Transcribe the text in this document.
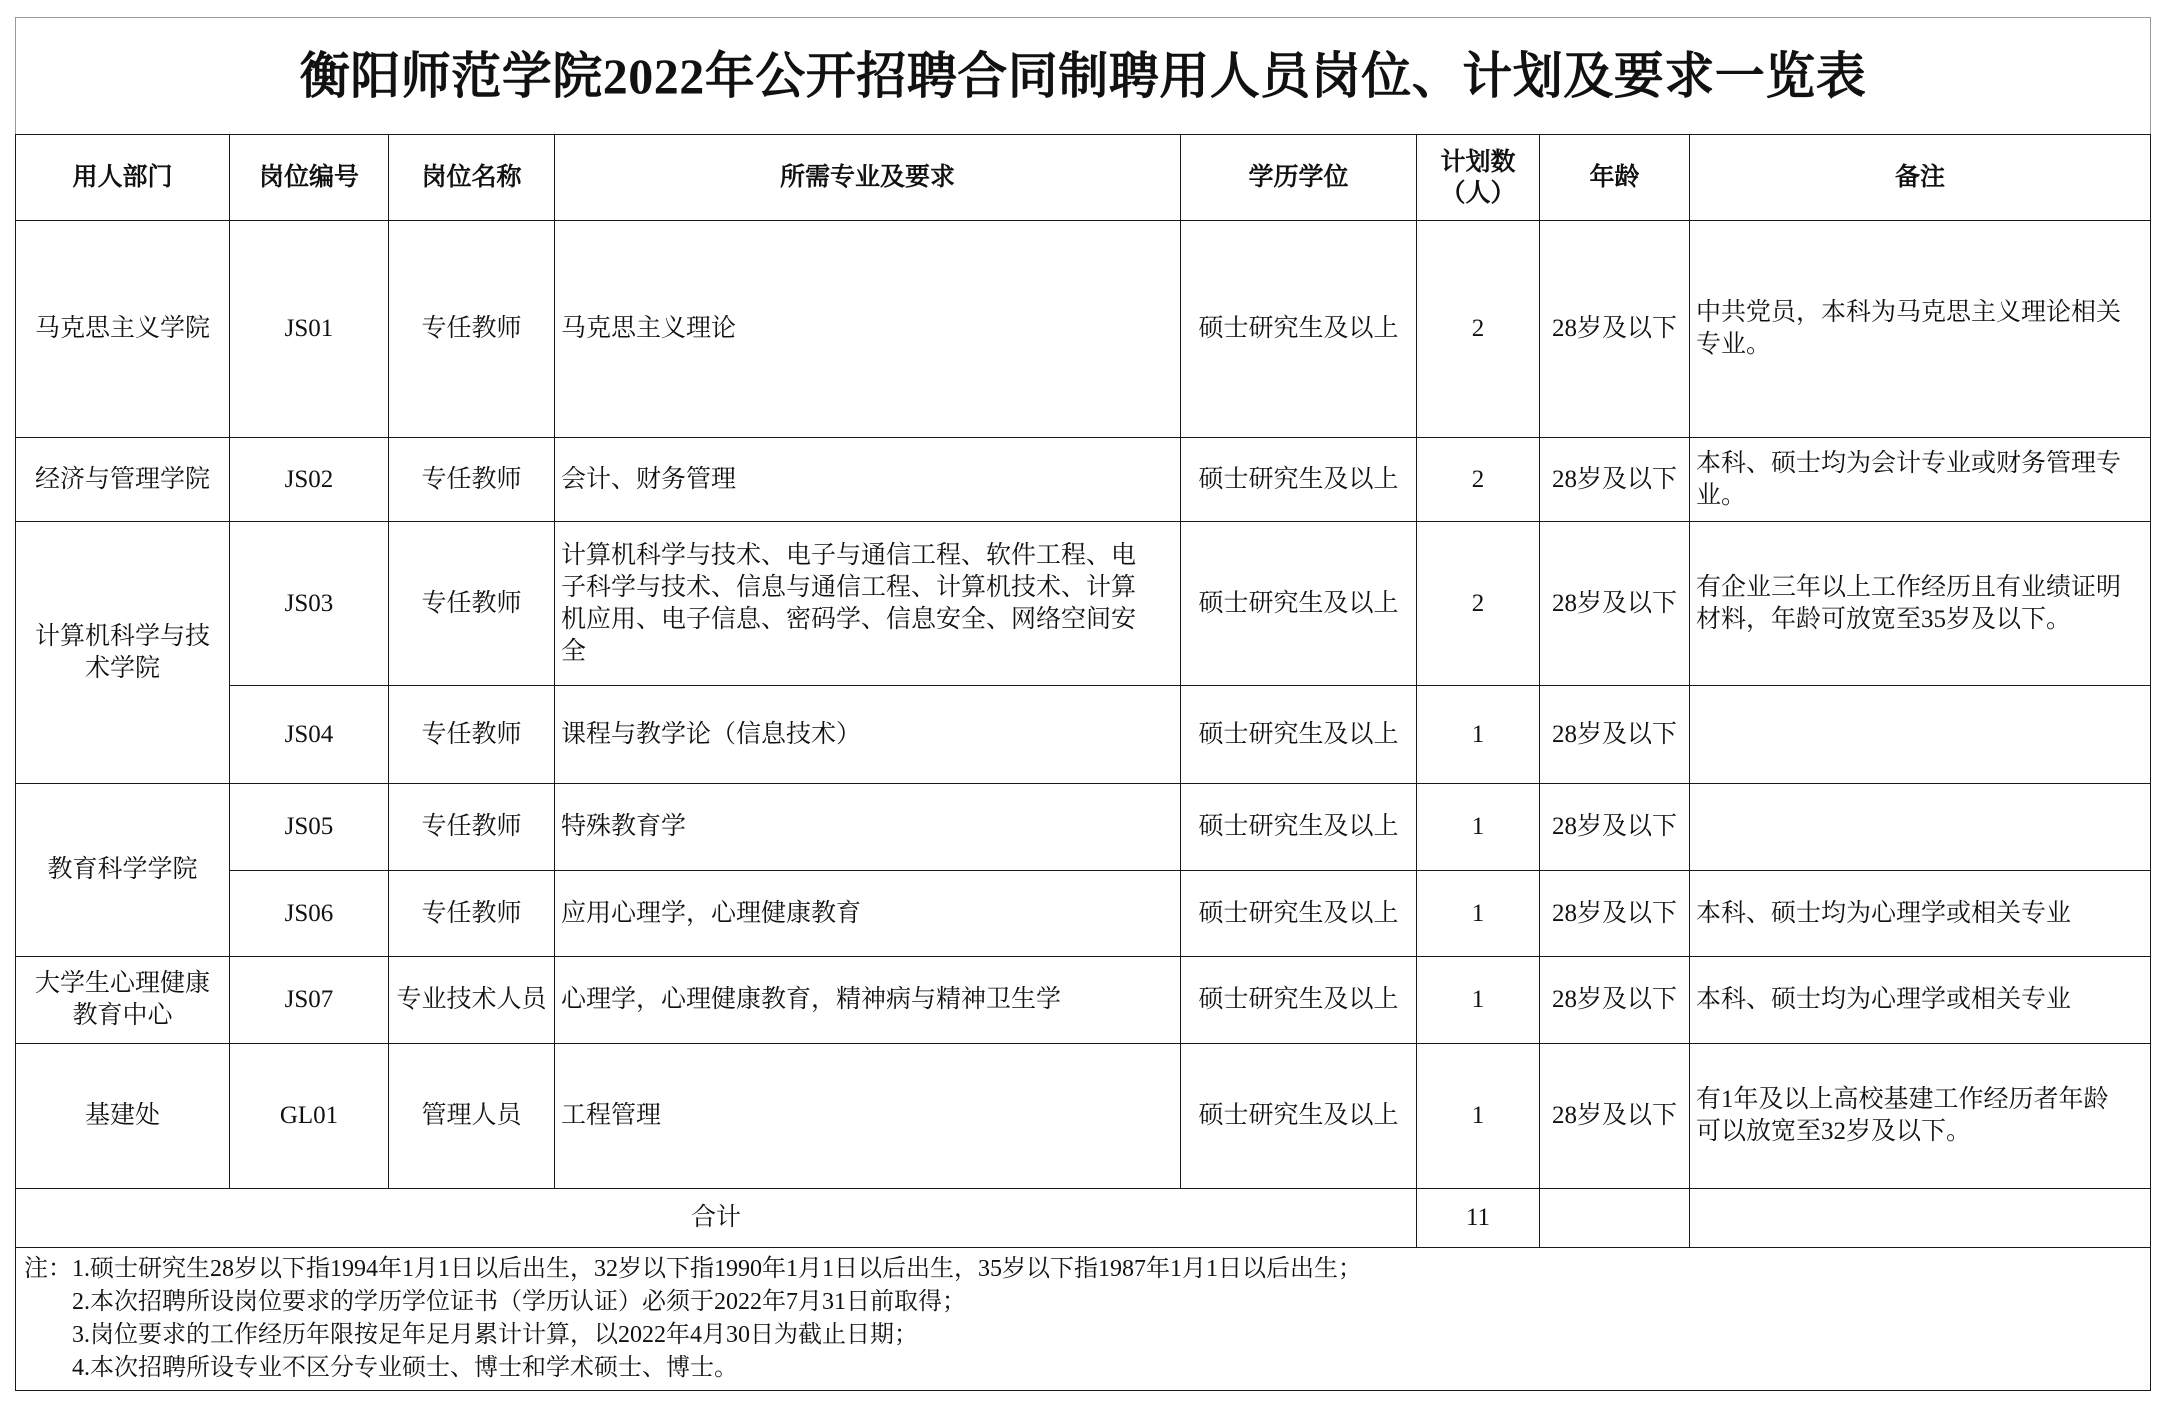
衡阳师范学院2022年公开招聘合同制聘用人员岗位、计划及要求一览表							
用人部门	岗位编号	岗位名称	所需专业及要求	学历学位	计划数（人）	年龄	备注
马克思主义学院	JS01	专任教师	马克思主义理论	硕士研究生及以上	2	28岁及以下	中共党员，本科为马克思主义理论相关专业。
经济与管理学院	JS02	专任教师	会计、财务管理	硕士研究生及以上	2	28岁及以下	本科、硕士均为会计专业或财务管理专业。
计算机科学与技术学院	JS03	专任教师	计算机科学与技术、电子与通信工程、软件工程、电子科学与技术、信息与通信工程、计算机技术、计算机应用、电子信息、密码学、信息安全、网络空间安全	硕士研究生及以上	2	28岁及以下	有企业三年以上工作经历且有业绩证明材料，年龄可放宽至35岁及以下。
	JS04	专任教师	课程与教学论（信息技术）	硕士研究生及以上	1	28岁及以下	
教育科学学院	JS05	专任教师	特殊教育学	硕士研究生及以上	1	28岁及以下	
	JS06	专任教师	应用心理学，心理健康教育	硕士研究生及以上	1	28岁及以下	本科、硕士均为心理学或相关专业
大学生心理健康教育中心	JS07	专业技术人员	心理学，心理健康教育，精神病与精神卫生学	硕士研究生及以上	1	28岁及以下	本科、硕士均为心理学或相关专业
基建处	GL01	管理人员	工程管理	硕士研究生及以上	1	28岁及以下	有1年及以上高校基建工作经历者年龄可以放宽至32岁及以下。
合计					11		

注：1.硕士研究生28岁以下指1994年1月1日以后出生，32岁以下指1990年1月1日以后出生，35岁以下指1987年1月1日以后出生；
2.本次招聘所设岗位要求的学历学位证书（学历认证）必须于2022年7月31日前取得；
3.岗位要求的工作经历年限按足年足月累计计算，以2022年4月30日为截止日期；
4.本次招聘所设专业不区分专业硕士、博士和学术硕士、博士。							
